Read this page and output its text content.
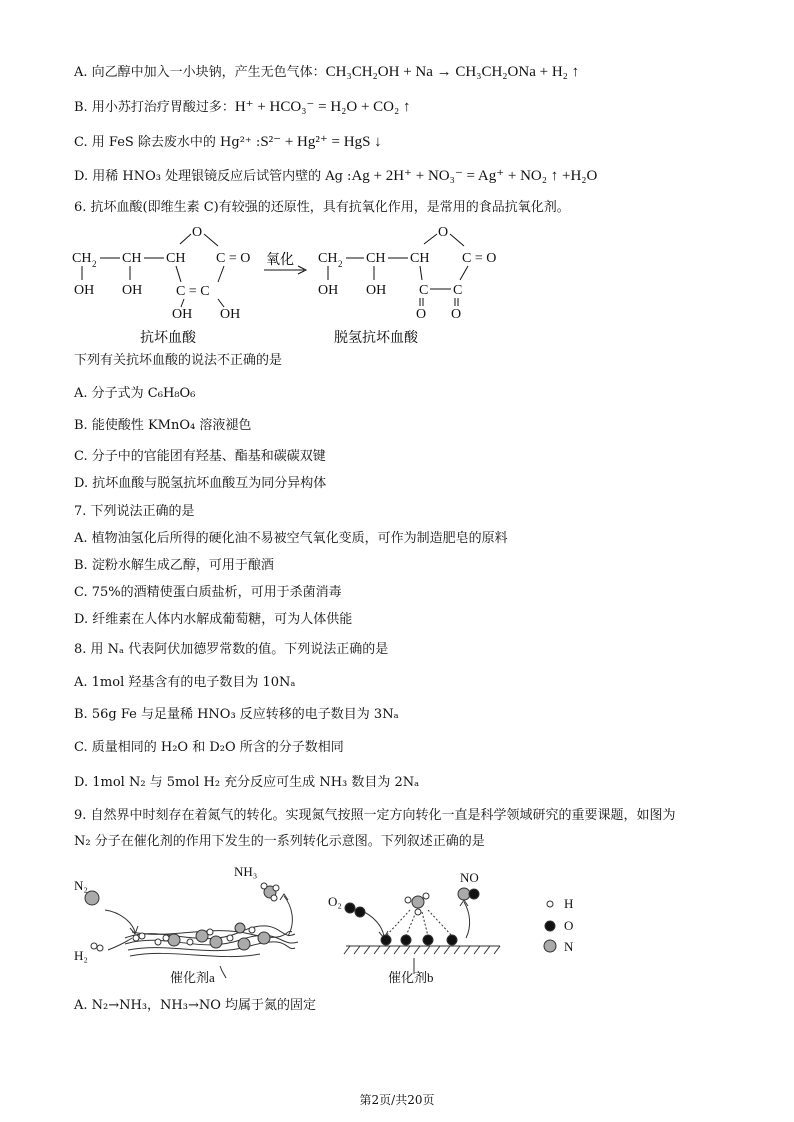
A. 向乙醇中加入一小块钠，产生无色气体：CH₃CH₂OH + Na → CH₃CH₂ONa + H₂ ↑
B. 用小苏打治疗胃酸过多：H⁺ + HCO₃⁻ = H₂O + CO₂ ↑
C. 用 FeS 除去废水中的 Hg²⁺ :S²⁻ + Hg²⁺ = HgS ↓
D. 用稀 HNO₃ 处理银镜反应后试管内壁的 Ag :Ag + 2H⁺ + NO₃⁻ = Ag⁺ + NO₂ ↑ +H₂O
6. 抗坏血酸(即维生素 C)有较强的还原性，具有抗氧化作用，是常用的食品抗氧化剂。
CH 2 CH CH
O
C = O
OH OH C = C
OH OH
CH 2 CH CH
O
C = O
OH OH C C
O O
氧化
抗坏血酸	脱氢抗坏血酸
下列有关抗坏血酸的说法不正确的是
A. 分子式为 C₆H₈O₆
B. 能使酸性 KMnO₄ 溶液褪色
C. 分子中的官能团有羟基、酯基和碳碳双键
D. 抗坏血酸与脱氢抗坏血酸互为同分异构体
7. 下列说法正确的是
A. 植物油氢化后所得的硬化油不易被空气氧化变质，可作为制造肥皂的原料
B. 淀粉水解生成乙醇，可用于酿酒
C. 75%的酒精使蛋白质盐析，可用于杀菌消毒
D. 纤维素在人体内水解成葡萄糖，可为人体供能
8. 用 Nₐ 代表阿伏加德罗常数的值。下列说法正确的是
A. 1mol 羟基含有的电子数目为 10Nₐ
B. 56g Fe 与足量稀 HNO₃ 反应转移的电子数目为 3Nₐ
C. 质量相同的 H₂O 和 D₂O 所含的分子数相同
D. 1mol N₂ 与 5mol H₂ 充分反应可生成 NH₃ 数目为 2Nₐ
9. 自然界中时刻存在着氮气的转化。实现氮气按照一定方向转化一直是科学领域研究的重要课题，如图为
N₂ 分子在催化剂的作用下发生的一系列转化示意图。下列叙述正确的是
N₂
H₂
NH₃
催化剂a
O₂
NO
催化剂b
H
O
N
A. N₂→NH₃，NH₃→NO 均属于氮的固定
第2页/共20页
